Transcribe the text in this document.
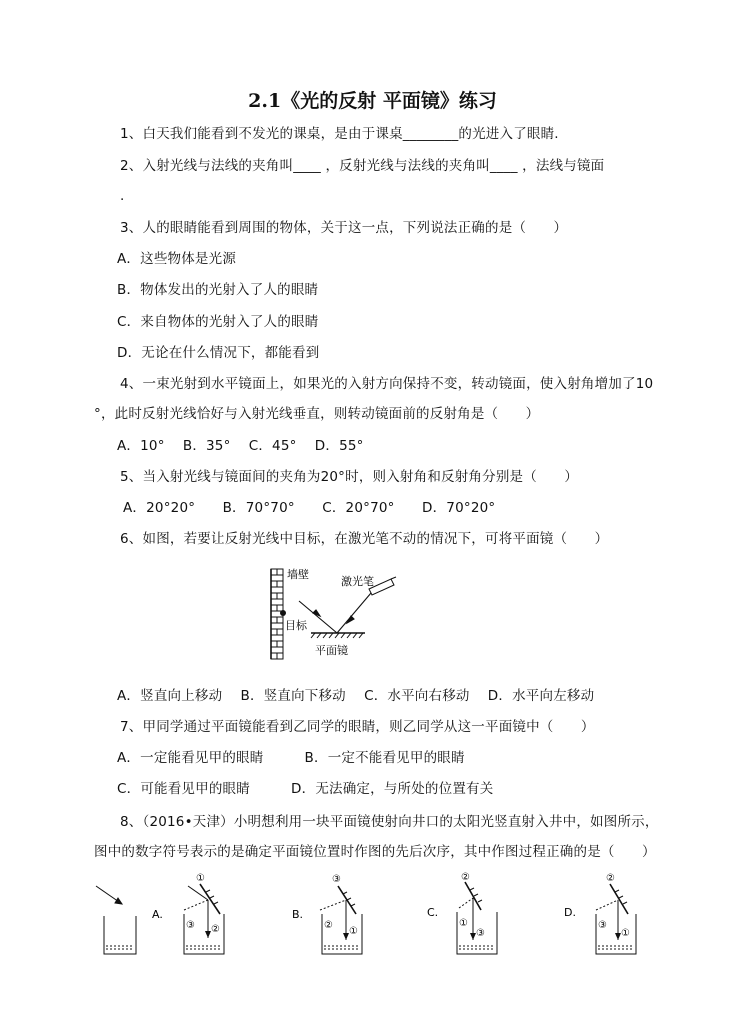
2.1《光的反射 平面镜》练习
1、白天我们能看到不发光的课桌，是由于课桌________的光进入了眼睛.
2、入射光线与法线的夹角叫____ ，反射光线与法线的夹角叫____ ，法线与镜面
.
3、人的眼睛能看到周围的物体，关于这一点，下列说法正确的是（　　）
A．这些物体是光源
B．物体发出的光射入了人的眼睛
C．来自物体的光射入了人的眼睛
D．无论在什么情况下，都能看到
4、一束光射到水平镜面上，如果光的入射方向保持不变，转动镜面，使入射角增加了10
°，此时反射光线恰好与入射光线垂直，则转动镜面前的反射角是（　　）
A．10°　 B．35°　 C．45°　 D．55°
5、当入射光线与镜面间的夹角为20°时，则入射角和反射角分别是（　　）
A．20°20°　　B．70°70°　　C．20°70°　　D．70°20°
6、如图，若要让反射光线中目标，在激光笔不动的情况下，可将平面镜（　　）
墙壁
激光笔
目标
平面镜
A．竖直向上移动　 B．竖直向下移动　 C．水平向右移动　 D．水平向左移动
7、甲同学通过平面镜能看到乙同学的眼睛，则乙同学从这一平面镜中（　　）
A．一定能看见甲的眼睛　　　B．一定不能看见甲的眼睛
C．可能看见甲的眼睛　　　D．无法确定，与所处的位置有关
8、（2016•天津）小明想利用一块平面镜使射向井口的太阳光竖直射入井中，如图所示，
图中的数字符号表示的是确定平面镜位置时作图的先后次序，其中作图过程正确的是（　　）
A.
①
③ ②
B.
③
②
①
C.
②
①
③
D.
②
③
①
